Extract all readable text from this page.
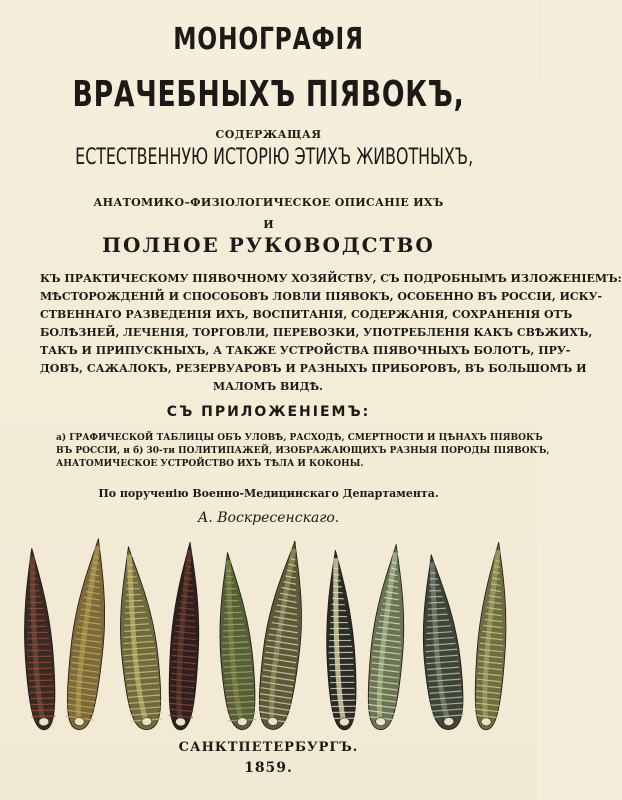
МОНОГРАФІЯ
ВРАЧЕБНЫХЪ ПІЯВОКЪ,
СОДЕРЖАЩАЯ
ЕСТЕСТВЕННУЮ ИСТОРІЮ ЭТИХЪ ЖИВОТНЫХЪ,
АНАТОМИКО–ФИЗІОЛОГИЧЕСКОЕ ОПИСАНІЕ ИХЪ
И
ПОЛНОЕ РУКОВОДСТВО
КЪ ПРАКТИЧЕСКОМУ ПІЯВОЧНОМУ ХОЗЯЙСТВУ, СЪ ПОДРОБНЫМЪ ИЗЛОЖЕНІЕМЪ:
МѢСТОРОЖДЕНІЙ И СПОСОБОВЪ ЛОВЛИ ПІЯВОКЪ, ОСОБЕННО ВЪ РОССІИ, ИСКУ-
СТВЕННАГО РАЗВЕДЕНІЯ ИХЪ, ВОСПИТАНІЯ, СОДЕРЖАНІЯ, СОХРАНЕНІЯ ОТЪ
БОЛѢЗНЕЙ, ЛЕЧЕНІЯ, ТОРГОВЛИ, ПЕРЕВОЗКИ, УПОТРЕБЛЕНІЯ КАКЪ СВѢЖИХЪ,
ТАКЪ И ПРИПУСКНЫХЪ, А ТАКЖЕ УСТРОЙСТВА ПІЯВОЧНЫХЪ БОЛОТЪ, ПРУ-
ДОВЪ, САЖАЛОКЪ, РЕЗЕРВУАРОВЪ И РАЗНЫХЪ ПРИБОРОВЪ, ВЪ БОЛЬШОМЪ И
МАЛОМЪ ВИДѢ.
СЪ ПРИЛОЖЕНІЕМЪ:
а) ГРАФИЧЕСКОЙ ТАБЛИЦЫ ОБЪ УЛОВѢ, РАСХОДѢ, СМЕРТНОСТИ И ЦѢНАХЪ ПІЯВОКЪ
ВЪ РОССІИ, и б) 30-ти ПОЛИТИПАЖЕЙ, ИЗОБРАЖАЮЩИХЪ РАЗНЫЯ ПОРОДЫ ПІЯВОКЪ,
АНАТОМИЧЕСКОЕ УСТРОЙСТВО ИХЪ ТѢЛА И КОКОНЫ.
По порученію Военно-Медицинскаго Департамента.
А. Воскресенскаго.
САНКТПЕТЕРБУРГЪ.
1859.
